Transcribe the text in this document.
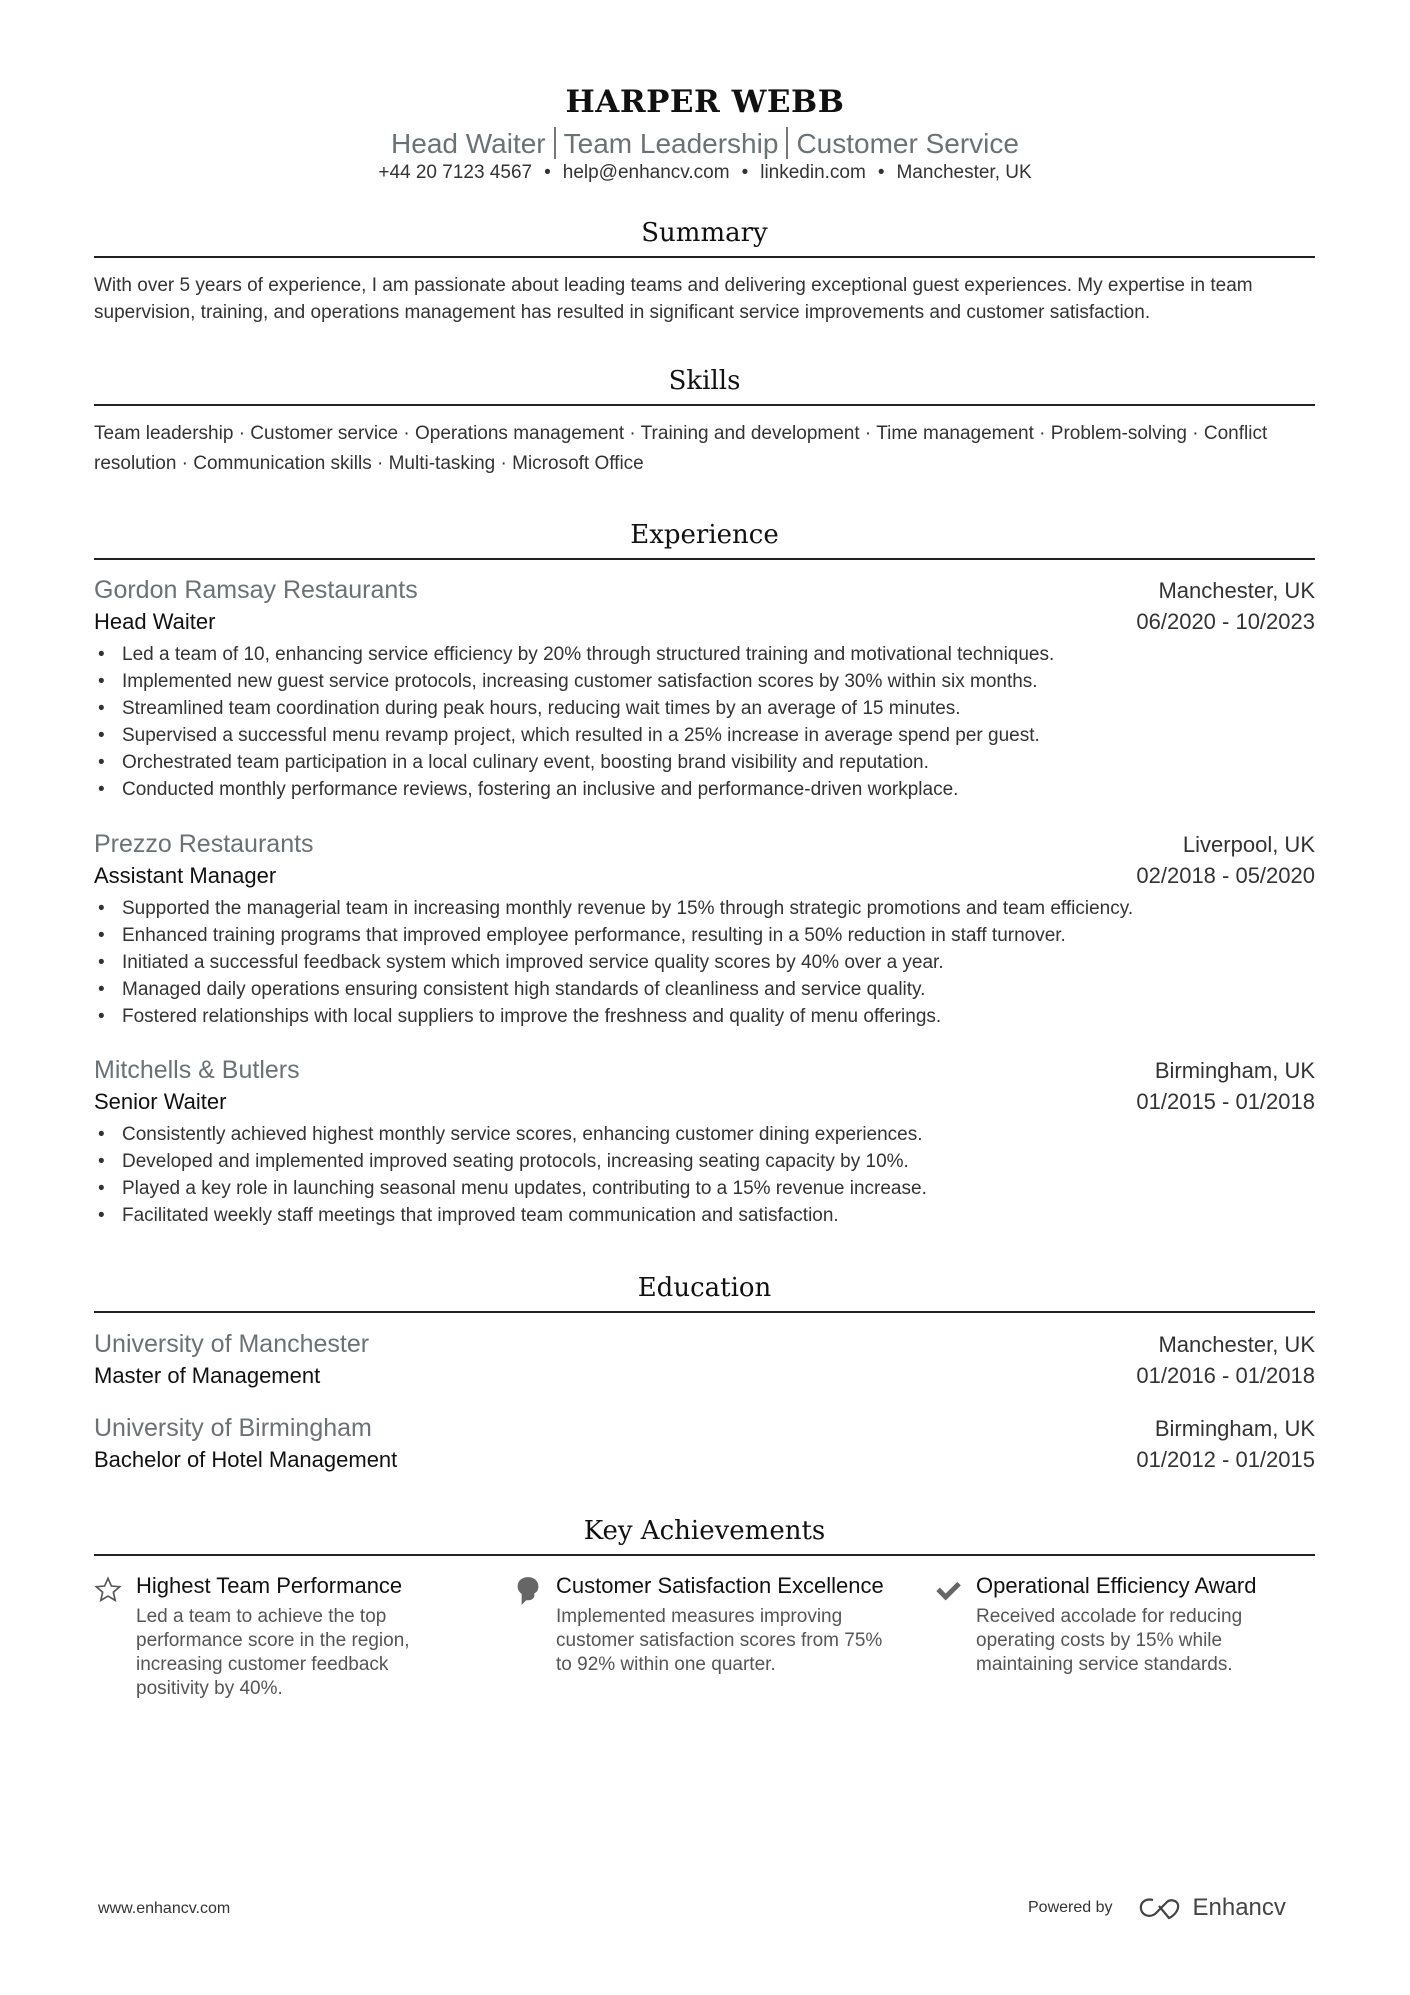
HARPER WEBB
Head Waiter Team Leadership Customer Service
+44 20 7123 4567 • help@enhancv.com • linkedin.com • Manchester, UK
Summary
With over 5 years of experience, I am passionate about leading teams and delivering exceptional guest experiences. My expertise in team supervision, training, and operations management has resulted in significant service improvements and customer satisfaction.
Skills
Team leadership · Customer service · Operations management · Training and development · Time management · Problem-solving · Conflict resolution · Communication skills · Multi-tasking · Microsoft Office
Experience
Gordon Ramsay Restaurants	Manchester, UK
Head Waiter	06/2020 - 10/2023
• Led a team of 10, enhancing service efficiency by 20% through structured training and motivational techniques.
• Implemented new guest service protocols, increasing customer satisfaction scores by 30% within six months.
• Streamlined team coordination during peak hours, reducing wait times by an average of 15 minutes.
• Supervised a successful menu revamp project, which resulted in a 25% increase in average spend per guest.
• Orchestrated team participation in a local culinary event, boosting brand visibility and reputation.
• Conducted monthly performance reviews, fostering an inclusive and performance-driven workplace.
Prezzo Restaurants	Liverpool, UK
Assistant Manager	02/2018 - 05/2020
• Supported the managerial team in increasing monthly revenue by 15% through strategic promotions and team efficiency.
• Enhanced training programs that improved employee performance, resulting in a 50% reduction in staff turnover.
• Initiated a successful feedback system which improved service quality scores by 40% over a year.
• Managed daily operations ensuring consistent high standards of cleanliness and service quality.
• Fostered relationships with local suppliers to improve the freshness and quality of menu offerings.
Mitchells & Butlers	Birmingham, UK
Senior Waiter	01/2015 - 01/2018
• Consistently achieved highest monthly service scores, enhancing customer dining experiences.
• Developed and implemented improved seating protocols, increasing seating capacity by 10%.
• Played a key role in launching seasonal menu updates, contributing to a 15% revenue increase.
• Facilitated weekly staff meetings that improved team communication and satisfaction.
Education
University of Manchester	Manchester, UK
Master of Management	01/2016 - 01/2018
University of Birmingham	Birmingham, UK
Bachelor of Hotel Management	01/2012 - 01/2015
Key Achievements
Highest Team Performance
Led a team to achieve the top performance score in the region, increasing customer feedback positivity by 40%.
Customer Satisfaction Excellence
Implemented measures improving customer satisfaction scores from 75% to 92% within one quarter.
Operational Efficiency Award
Received accolade for reducing operating costs by 15% while maintaining service standards.
www.enhancv.com	Powered by	Enhancv
